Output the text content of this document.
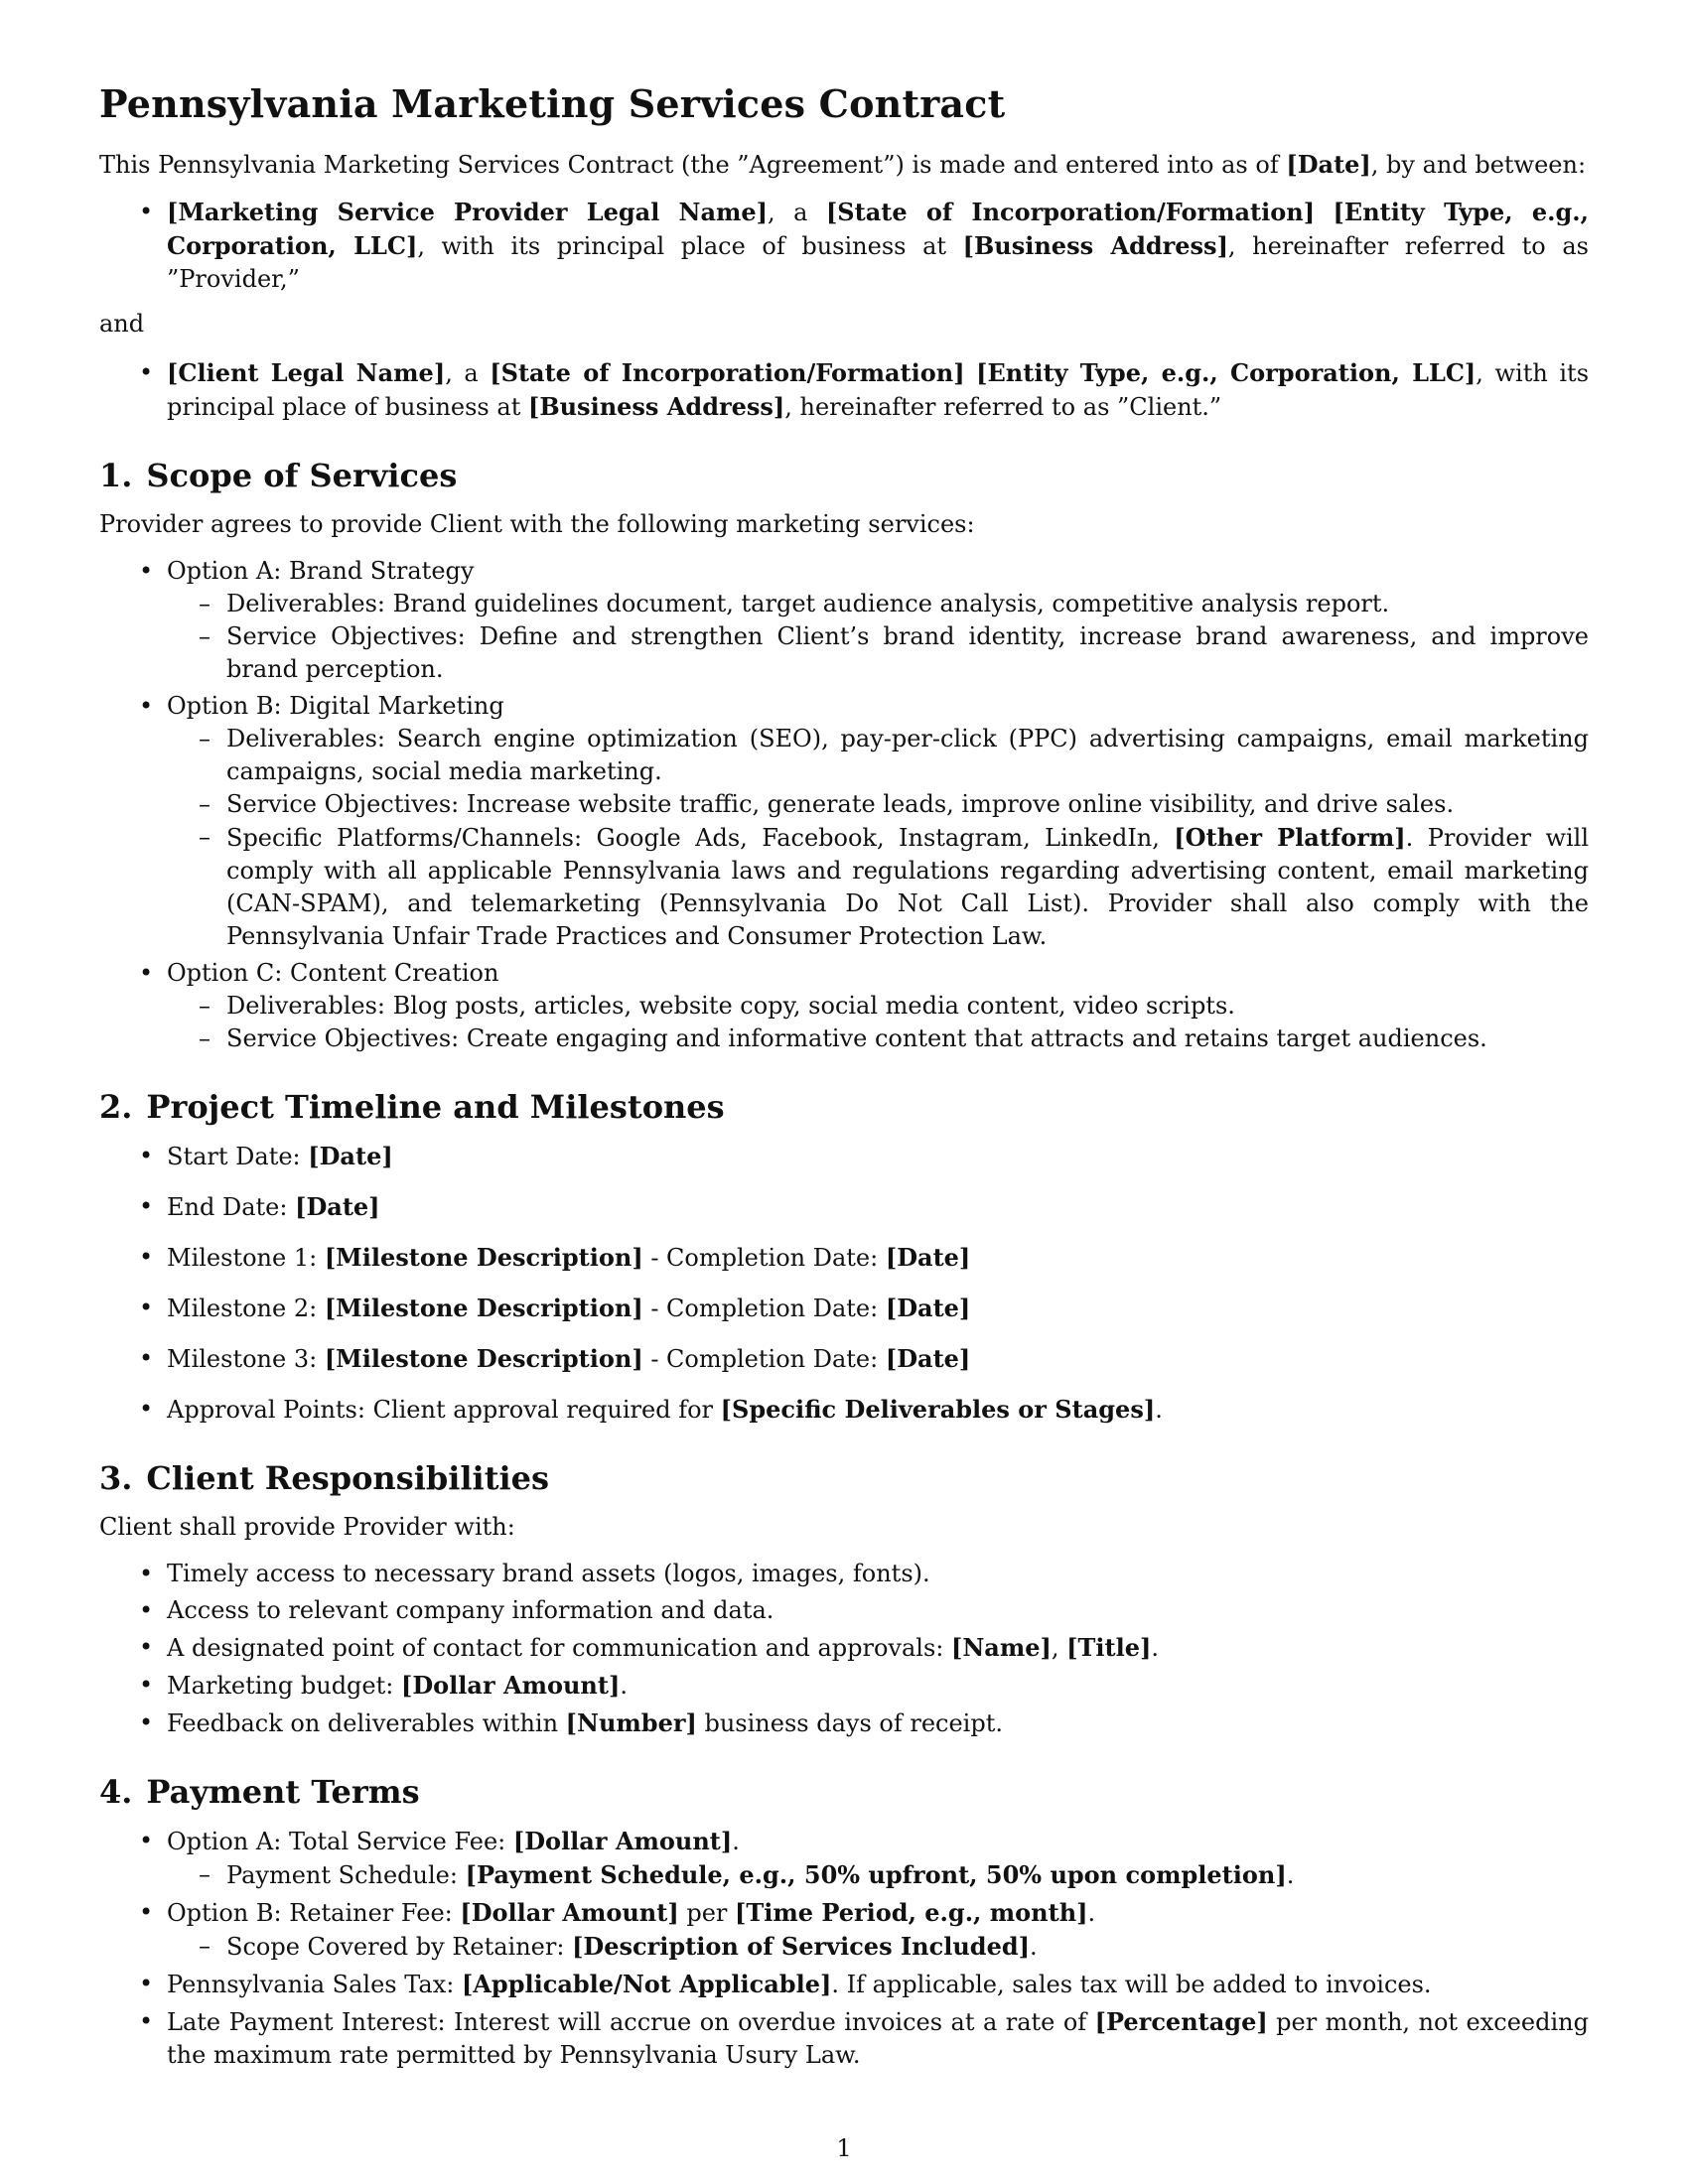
Pennsylvania Marketing Services Contract

This Pennsylvania Marketing Services Contract (the ”Agreement”) is made and entered into as of [Date], by and between:

• [Marketing Service Provider Legal Name], a [State of Incorporation/Formation] [Entity Type, e.g., Corporation, LLC], with its principal place of business at [Business Address], hereinafter referred to as ”Provider,”
and
• [Client Legal Name], a [State of Incorporation/Formation] [Entity Type, e.g., Corporation, LLC], with its principal place of business at [Business Address], hereinafter referred to as ”Client.”
1. Scope of Services

Provider agrees to provide Client with the following marketing services:

• Option A: Brand Strategy
– Deliverables: Brand guidelines document, target audience analysis, competitive analysis report.
– Service Objectives: Define and strengthen Client’s brand identity, increase brand awareness, and improve brand perception.
• Option B: Digital Marketing
– Deliverables: Search engine optimization (SEO), pay-per-click (PPC) advertising campaigns, email marketing campaigns, social media marketing.
– Service Objectives: Increase website traffic, generate leads, improve online visibility, and drive sales.
– Specific Platforms/Channels: Google Ads, Facebook, Instagram, LinkedIn, [Other Platform]. Provider will comply with all applicable Pennsylvania laws and regulations regarding advertising content, email marketing (CAN-SPAM), and telemarketing (Pennsylvania Do Not Call List). Provider shall also comply with the Pennsylvania Unfair Trade Practices and Consumer Protection Law.
• Option C: Content Creation
– Deliverables: Blog posts, articles, website copy, social media content, video scripts.
– Service Objectives: Create engaging and informative content that attracts and retains target audiences.
2. Project Timeline and Milestones
• Start Date: [Date]
• End Date: [Date]
• Milestone 1: [Milestone Description] - Completion Date: [Date]
• Milestone 2: [Milestone Description] - Completion Date: [Date]
• Milestone 3: [Milestone Description] - Completion Date: [Date]
• Approval Points: Client approval required for [Specific Deliverables or Stages].
3. Client Responsibilities

Client shall provide Provider with:

• Timely access to necessary brand assets (logos, images, fonts).
• Access to relevant company information and data.
• A designated point of contact for communication and approvals: [Name], [Title].
• Marketing budget: [Dollar Amount].
• Feedback on deliverables within [Number] business days of receipt.
4. Payment Terms
• Option A: Total Service Fee: [Dollar Amount].
– Payment Schedule: [Payment Schedule, e.g., 50% upfront, 50% upon completion].
• Option B: Retainer Fee: [Dollar Amount] per [Time Period, e.g., month].
– Scope Covered by Retainer: [Description of Services Included].
• Pennsylvania Sales Tax: [Applicable/Not Applicable]. If applicable, sales tax will be added to invoices.
• Late Payment Interest: Interest will accrue on overdue invoices at a rate of [Percentage] per month, not exceeding the maximum rate permitted by Pennsylvania Usury Law.
1
